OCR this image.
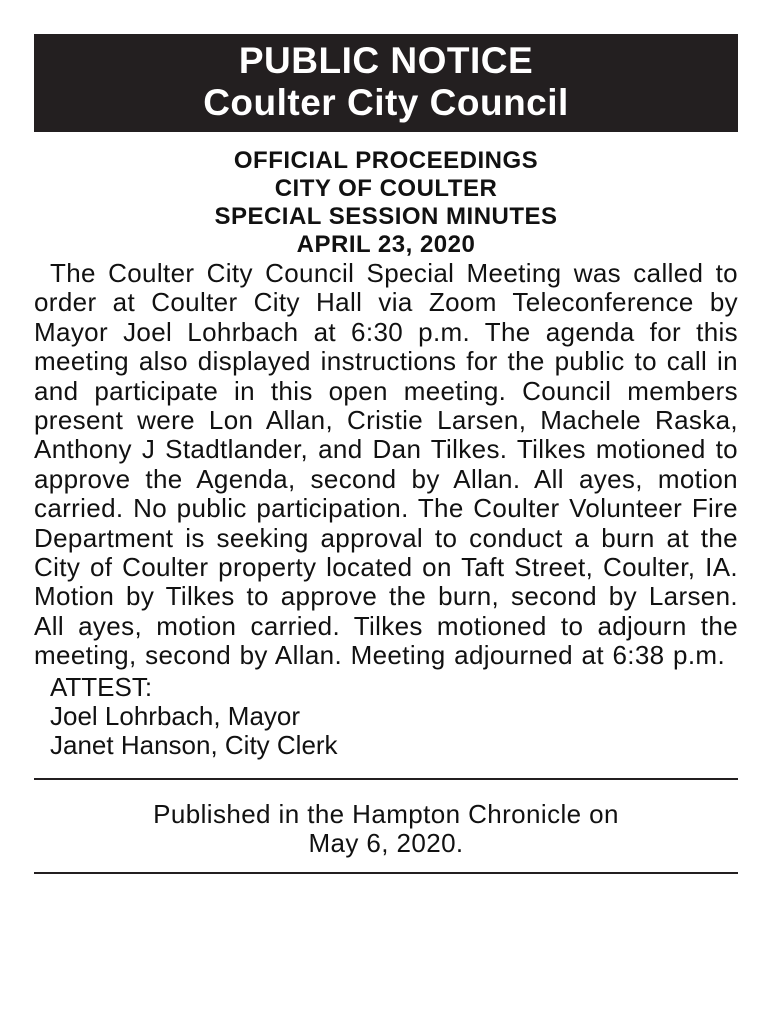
PUBLIC NOTICE
Coulter City Council
OFFICIAL PROCEEDINGS
CITY OF COULTER
SPECIAL SESSION MINUTES
APRIL 23, 2020

The Coulter City Council Special Meeting was called to order at Coulter City Hall via Zoom Teleconference by Mayor Joel Lohrbach at 6:30 p.m. The agenda for this meeting also displayed instructions for the public to call in and participate in this open meeting. Council members present were Lon Allan, Cristie Larsen, Machele Raska, Anthony J Stadtlander, and Dan Tilkes. Tilkes motioned to approve the Agenda, second by Allan. All ayes, motion carried. No public participation. The Coulter Volunteer Fire Department is seeking approval to conduct a burn at the City of Coulter property located on Taft Street, Coulter, IA. Motion by Tilkes to approve the burn, second by Larsen. All ayes, motion carried. Tilkes motioned to adjourn the meeting, second by Allan. Meeting adjourned at 6:38 p.m.

ATTEST:
Joel Lohrbach, Mayor
Janet Hanson, City Clerk
Published in the Hampton Chronicle on
May 6, 2020.
